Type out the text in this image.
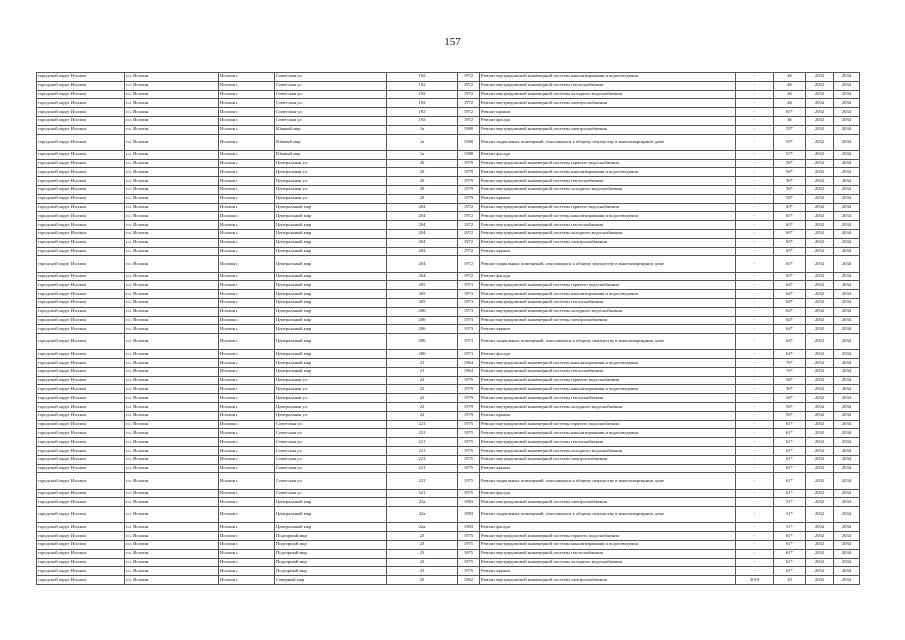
157
городской округ Исилин	г.о. Исилин	Исилин г.	Советская ул.	192	1972	Ремонт внутридомовой инженерной системы канализирования и водоотведения	-	46	2032	2034
городской округ Исилин	г.о. Исилин	Исилин г.	Советская ул.	192	1972	Ремонт внутридомовой инженерной системы теплоснабжения	-	46	2032	2034
городской округ Исилин	г.о. Исилин	Исилин г.	Советская ул.	192	1972	Ремонт внутридомовой инженерной системы холодного водоснабжения	-	46	2032	2034
городской округ Исилин	г.о. Исилин	Исилин г.	Советская ул.	192	1972	Ремонт внутридомовой инженерной системы электроснабжения	-	46	2032	2034
городской округ Исилин	г.о. Исилин	Исилин г.	Советская ул.	192	1972	Ремонт крыши	-	65*	2032	2034
городской округ Исилин	г.о. Исилин	Исилин г.	Советская ул.	192	1972	Ремонт фасада	-	46	2032	2034
городской округ Исилин	г.о. Исилин	Исилин г.	Южный мкр	1а	1980	Ремонт внутридомовой инженерной системы электроснабжения	-	55*	2032	2034
городской округ Исилин	г.о. Исилин	Исилин г.	Южный мкр	1а	1980	Ремонт подвальных помещений, относящихся к общему имуществу в многоквартирном доме	-	55*	2032	2034
городской округ Исилин	г.о. Исилин	Исилин г.	Южный мкр	1а	1980	Ремонт фасада	-	55*	2032	2034
городской округ Исилин	г.о. Исилин	Исилин г.	Центральная ул.	20	1979	Ремонт внутридомовой инженерной системы горячего водоснабжения	-	56*	2032	2034
городской округ Исилин	г.о. Исилин	Исилин г.	Центральная ул.	20	1979	Ремонт внутридомовой инженерной системы канализирования и водоотведения	-	56*	2032	2034
городской округ Исилин	г.о. Исилин	Исилин г.	Центральная ул.	20	1979	Ремонт внутридомовой инженерной системы теплоснабжения	-	56*	2032	2034
городской округ Исилин	г.о. Исилин	Исилин г.	Центральная ул.	20	1979	Ремонт внутридомовой инженерной системы холодного водоснабжения	-	56*	2032	2034
городской округ Исилин	г.о. Исилин	Исилин г.	Центральная ул.	20	1979	Ремонт крыши	-	56*	2032	2034
городской округ Исилин	г.о. Исилин	Исилин г.	Центральный мкр	204	1972	Ремонт внутридомовой инженерной системы горячего водоснабжения	-	65*	2032	2034
городской округ Исилин	г.о. Исилин	Исилин г.	Центральный мкр	204	1972	Ремонт внутридомовой инженерной системы канализирования и водоотведения	-	65*	2032	2034
городской округ Исилин	г.о. Исилин	Исилин г.	Центральный мкр	204	1972	Ремонт внутридомовой инженерной системы теплоснабжения	-	65*	2032	2034
городской округ Исилин	г.о. Исилин	Исилин г.	Центральный мкр	204	1972	Ремонт внутридомовой инженерной системы холодного водоснабжения	-	65*	2032	2034
городской округ Исилин	г.о. Исилин	Исилин г.	Центральный мкр	204	1972	Ремонт внутридомовой инженерной системы электроснабжения	-	65*	2032	2034
городской округ Исилин	г.о. Исилин	Исилин г.	Центральный мкр	204	1972	Ремонт крыши	-	65*	2032	2034
городской округ Исилин	г.о. Исилин	Исилин г.	Центральный мкр	204	1972	Ремонт подвальных помещений, относящихся к общему имуществу в многоквартирном доме	-	65*	2032	2034
городской округ Исилин	г.о. Исилин	Исилин г.	Центральный мкр	204	1972	Ремонт фасада	-	65*	2032	2034
городской округ Исилин	г.о. Исилин	Исилин г.	Центральный мкр	205	1973	Ремонт внутридомовой инженерной системы горячего водоснабжения	-	64*	2032	2034
городской округ Исилин	г.о. Исилин	Исилин г.	Центральный мкр	205	1973	Ремонт внутридомовой инженерной системы канализирования и водоотведения	-	64*	2032	2034
городской округ Исилин	г.о. Исилин	Исилин г.	Центральный мкр	205	1973	Ремонт внутридомовой инженерной системы теплоснабжения	-	64*	2032	2034
городской округ Исилин	г.о. Исилин	Исилин г.	Центральный мкр	206	1973	Ремонт внутридомовой инженерной системы холодного водоснабжения	-	64*	2032	2034
городской округ Исилин	г.о. Исилин	Исилин г.	Центральный мкр	206	1973	Ремонт внутридомовой инженерной системы электроснабжения	-	64*	2032	2034
городской округ Исилин	г.о. Исилин	Исилин г.	Центральный мкр	206	1973	Ремонт крыши	-	64*	2032	2034
городской округ Исилин	г.о. Исилин	Исилин г.	Центральный мкр	206	1973	Ремонт подвальных помещений, относящихся к общему имуществу в многоквартирном доме	-	64*	2032	2034
городской округ Исилин	г.о. Исилин	Исилин г.	Центральный мкр	206	1973	Ремонт фасада	-	64*	2032	2034
городской округ Исилин	г.о. Исилин	Исилин г.	Центральный мкр	21	1964	Ремонт внутридомовой инженерной системы канализирования и водоотведения	-	76*	2032	2034
городской округ Исилин	г.о. Исилин	Исилин г.	Центральный мкр	21	1964	Ремонт внутридомовой инженерной системы теплоснабжения	-	76*	2032	2034
городской округ Исилин	г.о. Исилин	Исилин г.	Центральная ул.	22	1979	Ремонт внутридомовой инженерной системы горячего водоснабжения	-	56*	2032	2034
городской округ Исилин	г.о. Исилин	Исилин г.	Центральная ул.	22	1979	Ремонт внутридомовой инженерной системы канализирования и водоотведения	-	56*	2032	2034
городской округ Исилин	г.о. Исилин	Исилин г.	Центральная ул.	22	1979	Ремонт внутридомовой инженерной системы теплоснабжения	-	56*	2032	2034
городской округ Исилин	г.о. Исилин	Исилин г.	Центральная ул.	22	1979	Ремонт внутридомовой инженерной системы холодного водоснабжения	-	56*	2032	2034
городской округ Исилин	г.о. Исилин	Исилин г.	Центральная ул.	22	1979	Ремонт крыши	-	56*	2032	2034
городской округ Исилин	г.о. Исилин	Исилин г.	Советская ул.	221	1975	Ремонт внутридомовой инженерной системы горячего водоснабжения	-	61*	2032	2034
городской округ Исилин	г.о. Исилин	Исилин г.	Советская ул.	221	1975	Ремонт внутридомовой инженерной системы канализирования и водоотведения	-	61*	2032	2034
городской округ Исилин	г.о. Исилин	Исилин г.	Советская ул.	221	1975	Ремонт внутридомовой инженерной системы теплоснабжения	-	61*	2032	2034
городской округ Исилин	г.о. Исилин	Исилин г.	Советская ул.	221	1975	Ремонт внутридомовой инженерной системы холодного водоснабжения	-	61*	2032	2034
городской округ Исилин	г.о. Исилин	Исилин г.	Советская ул.	221	1975	Ремонт внутридомовой инженерной системы электроснабжения	-	61*	2032	2034
городской округ Исилин	г.о. Исилин	Исилин г.	Советская ул.	221	1975	Ремонт крыши	-	61*	2032	2034
городской округ Исилин	г.о. Исилин	Исилин г.	Советская ул.	221	1975	Ремонт подвальных помещений, относящихся к общему имуществу в многоквартирном доме	-	61*	2032	2034
городской округ Исилин	г.о. Исилин	Исилин г.	Советская ул.	221	1975	Ремонт фасада	-	61*	2032	2034
городской округ Исилин	г.о. Исилин	Исилин г.	Центральный мкр	22а	1983	Ремонт внутридомовой инженерной системы электроснабжения	-	51*	2032	2034
городской округ Исилин	г.о. Исилин	Исилин г.	Центральный мкр	22а	1983	Ремонт подвальных помещений, относящихся к общему имуществу в многоквартирном доме	-	51*	2032	2034
городской округ Исилин	г.о. Исилин	Исилин г.	Центральный мкр	22а	1983	Ремонт фасада	-	51*	2032	2034
городской округ Исилин	г.о. Исилин	Исилин г.	Подгорный мкр	23	1975	Ремонт внутридомовой инженерной системы горячего водоснабжения	-	61*	2032	2034
городской округ Исилин	г.о. Исилин	Исилин г.	Подгорный мкр	23	1975	Ремонт внутридомовой инженерной системы канализирования и водоотведения	-	61*	2032	2034
городской округ Исилин	г.о. Исилин	Исилин г.	Подгорный мкр	23	1975	Ремонт внутридомовой инженерной системы теплоснабжения	-	61*	2032	2034
городской округ Исилин	г.о. Исилин	Исилин г.	Подгорный мкр	23	1975	Ремонт внутридомовой инженерной системы холодного водоснабжения	-	61*	2032	2034
городской округ Исилин	г.о. Исилин	Исилин г.	Подгорный мкр	23	1975	Ремонт крыши	-	61*	2032	2034
городской округ Исилин	г.о. Исилин	Исилин г.	Северный мкр	25	1962	Ремонт внутридомовой инженерной системы электроснабжения	2010	10	2032	2034
